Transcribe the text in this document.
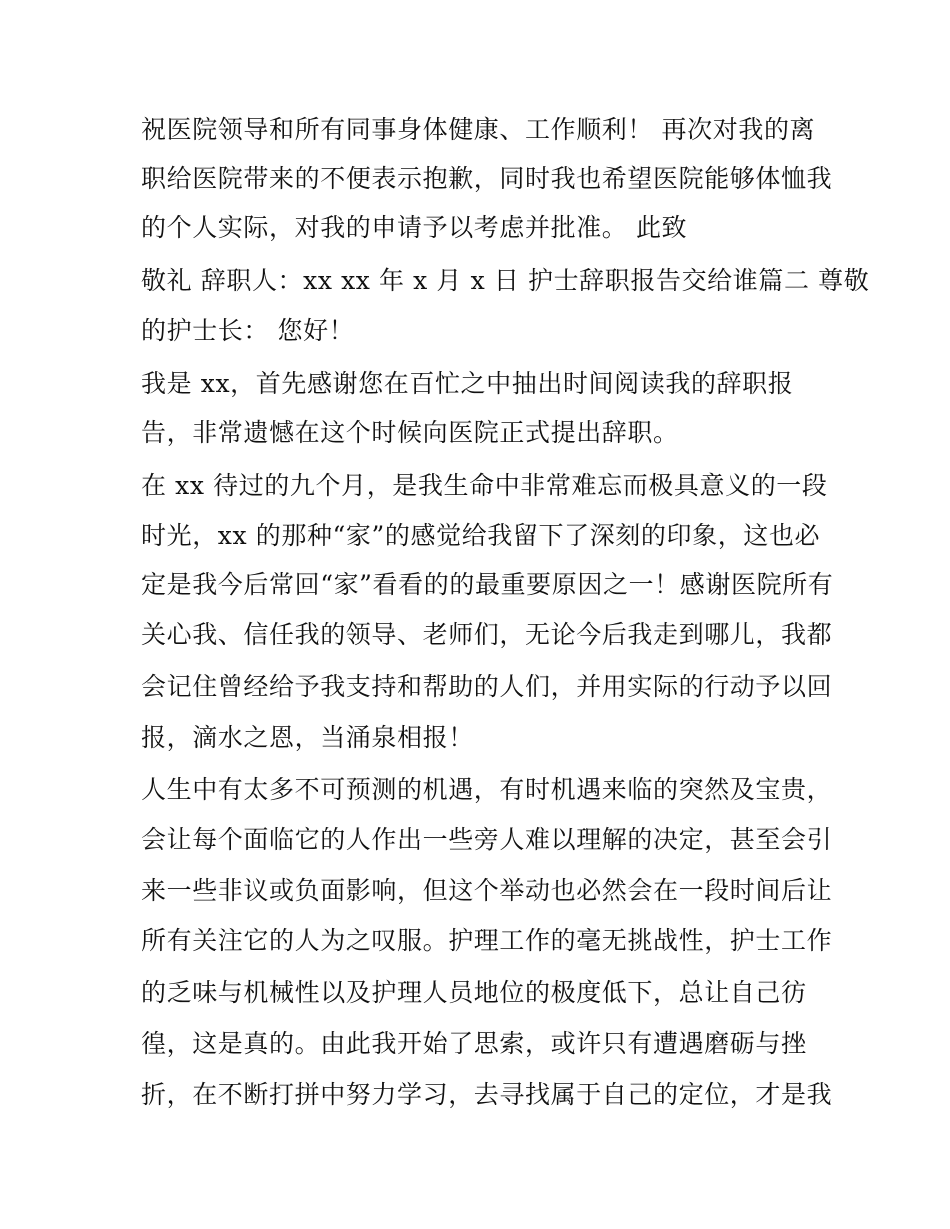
祝医院领导和所有同事身体健康、工作顺利！ 再次对我的离

职给医院带来的不便表示抱歉，同时我也希望医院能够体恤我

的个人实际，对我的申请予以考虑并批准。 此致

敬礼 辞职人：xx xx 年 x 月 x 日 护士辞职报告交给谁篇二 尊敬

的护士长： 您好！

我是 xx，首先感谢您在百忙之中抽出时间阅读我的辞职报

告，非常遗憾在这个时候向医院正式提出辞职。

在 xx 待过的九个月，是我生命中非常难忘而极具意义的一段

时光，xx 的那种“家”的感觉给我留下了深刻的印象，这也必

定是我今后常回“家”看看的的最重要原因之一！感谢医院所有

关心我、信任我的领导、老师们，无论今后我走到哪儿，我都

会记住曾经给予我支持和帮助的人们，并用实际的行动予以回

报，滴水之恩，当涌泉相报！

人生中有太多不可预测的机遇，有时机遇来临的突然及宝贵，

会让每个面临它的人作出一些旁人难以理解的决定，甚至会引

来一些非议或负面影响，但这个举动也必然会在一段时间后让

所有关注它的人为之叹服。护理工作的毫无挑战性，护士工作

的乏味与机械性以及护理人员地位的极度低下，总让自己彷

徨，这是真的。由此我开始了思索，或许只有遭遇磨砺与挫

折，在不断打拼中努力学习，去寻找属于自己的定位，才是我
